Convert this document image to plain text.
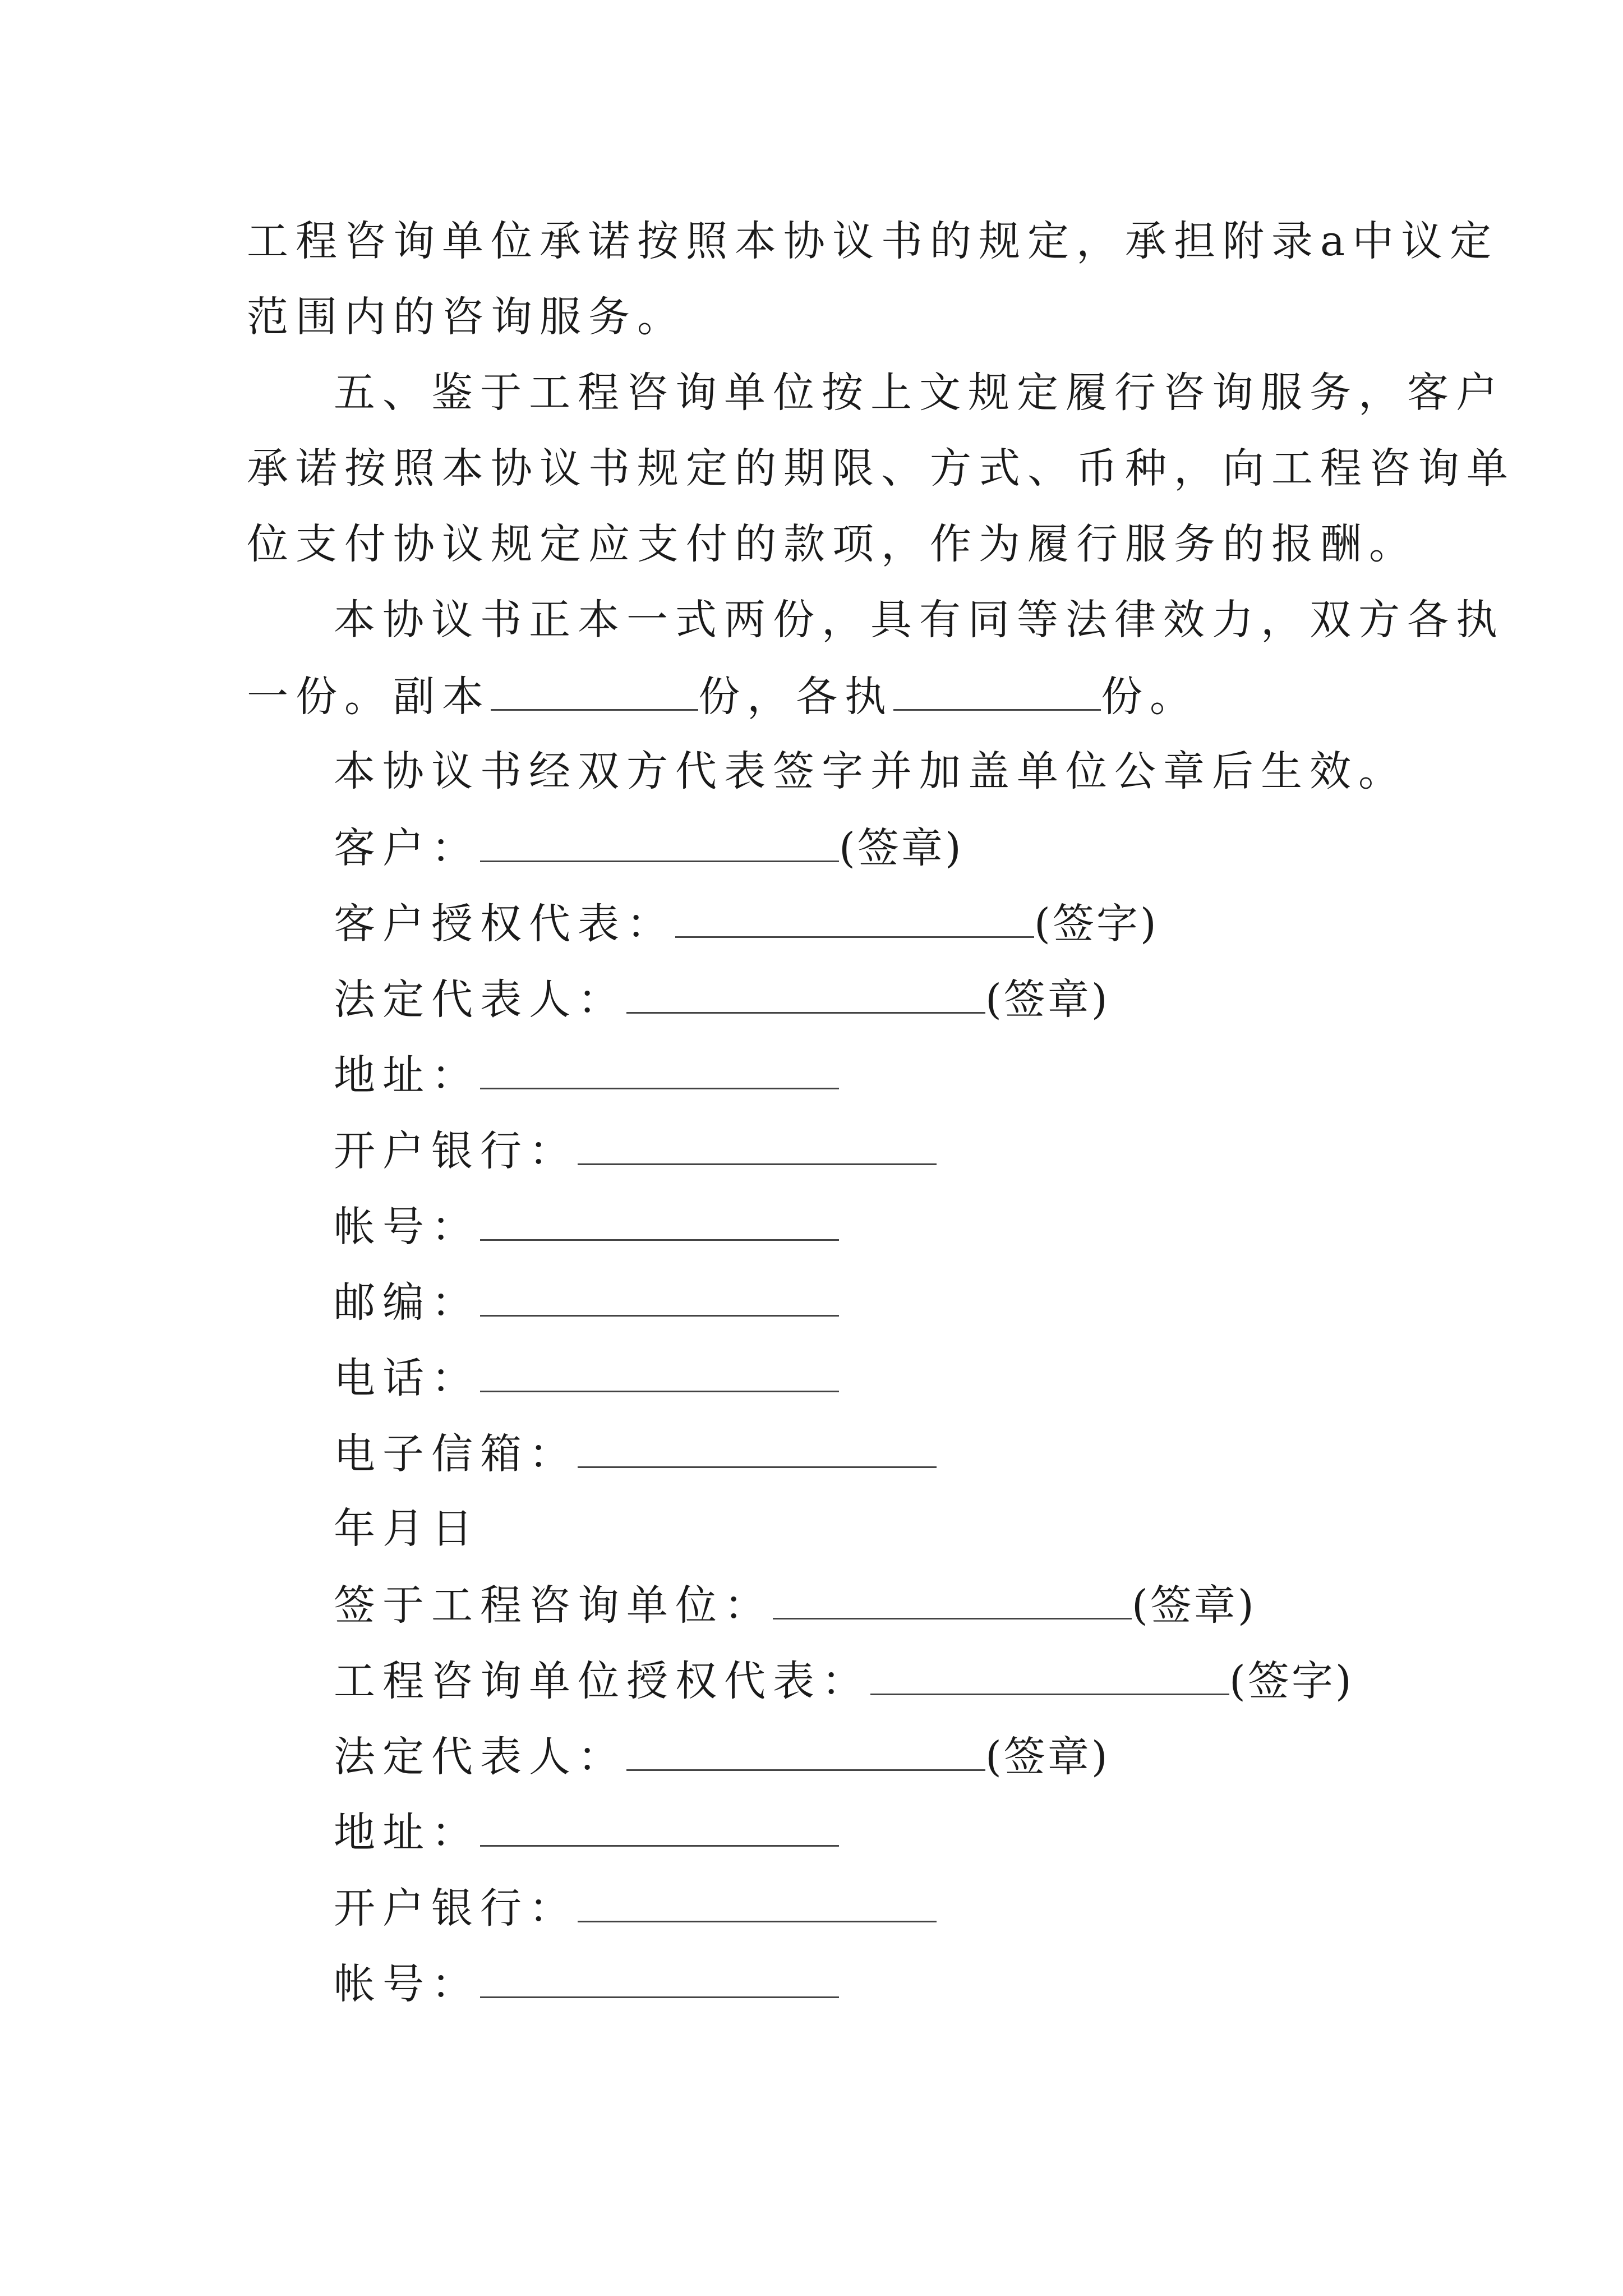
工程咨询单位承诺按照本协议书的规定，承担附录a中议定
范围内的咨询服务。
五、鉴于工程咨询单位按上文规定履行咨询服务，客户
承诺按照本协议书规定的期限、方式、币种，向工程咨询单
位支付协议规定应支付的款项，作为履行服务的报酬。
本协议书正本一式两份，具有同等法律效力，双方各执
一份。副本	份，各执	份。
本协议书经双方代表签字并加盖单位公章后生效。
客户：	(签章)
客户授权代表：	(签字)
法定代表人：	(签章)
地址：
开户银行：
帐号：
邮编：
电话：
电子信箱：
年月日
签于工程咨询单位：	(签章)
工程咨询单位授权代表：	(签字)
法定代表人：	(签章)
地址：
开户银行：
帐号：
